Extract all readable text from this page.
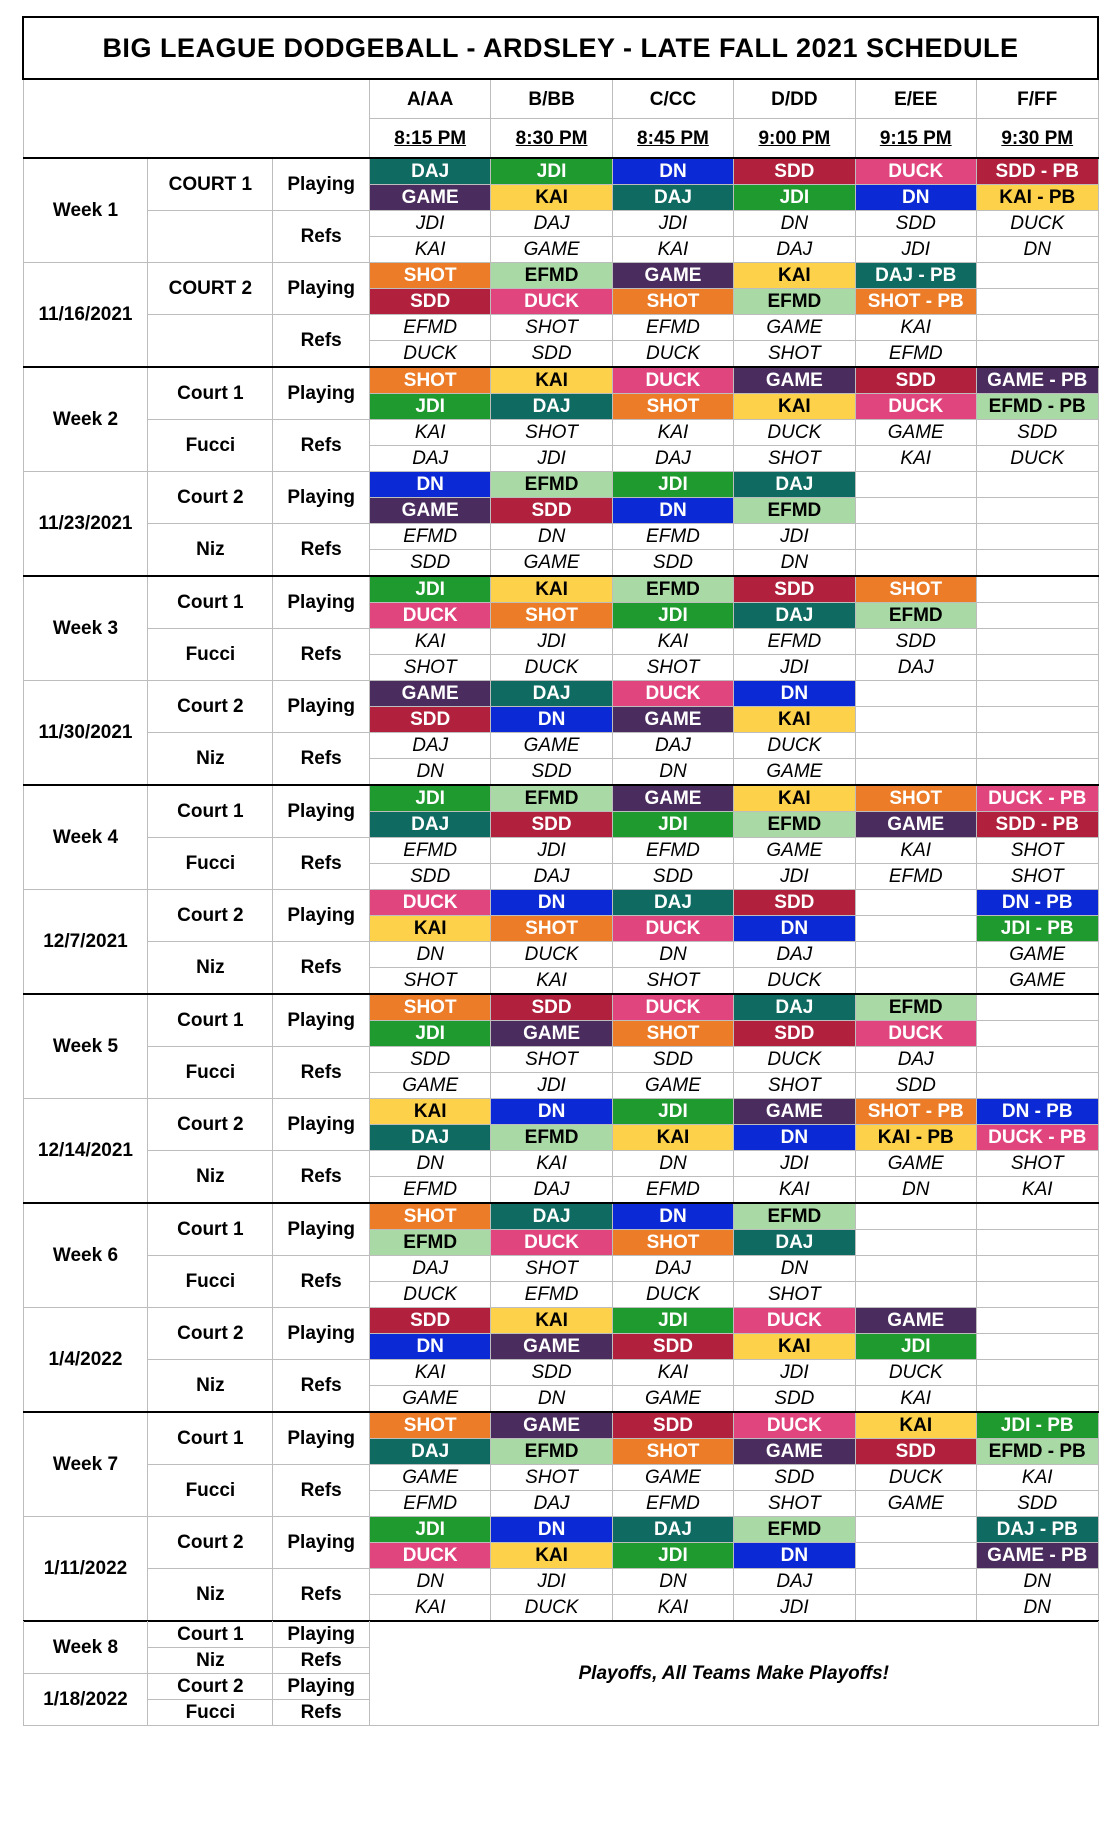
BIG LEAGUE DODGEBALL - ARDSLEY - LATE FALL 2021 SCHEDULE								
			A/AA	B/BB	C/CC	D/DD	E/EE	F/FF
			8:15 PM	8:30 PM	8:45 PM	9:00 PM	9:15 PM	9:30 PM
Week 1	COURT 1	Playing	DAJ	JDI	DN	SDD	DUCK	SDD - PB
			GAME	KAI	DAJ	JDI	DN	KAI - PB
		Refs	JDI	DAJ	JDI	DN	SDD	DUCK
			KAI	GAME	KAI	DAJ	JDI	DN
11/16/2021	COURT 2	Playing	SHOT	EFMD	GAME	KAI	DAJ - PB	
			SDD	DUCK	SHOT	EFMD	SHOT - PB	
		Refs	EFMD	SHOT	EFMD	GAME	KAI	
			DUCK	SDD	DUCK	SHOT	EFMD	
Week 2	Court 1	Playing	SHOT	KAI	DUCK	GAME	SDD	GAME - PB
			JDI	DAJ	SHOT	KAI	DUCK	EFMD - PB
	Fucci	Refs	KAI	SHOT	KAI	DUCK	GAME	SDD
			DAJ	JDI	DAJ	SHOT	KAI	DUCK
11/23/2021	Court 2	Playing	DN	EFMD	JDI	DAJ		
			GAME	SDD	DN	EFMD		
	Niz	Refs	EFMD	DN	EFMD	JDI		
			SDD	GAME	SDD	DN		
Week 3	Court 1	Playing	JDI	KAI	EFMD	SDD	SHOT	
			DUCK	SHOT	JDI	DAJ	EFMD	
	Fucci	Refs	KAI	JDI	KAI	EFMD	SDD	
			SHOT	DUCK	SHOT	JDI	DAJ	
11/30/2021	Court 2	Playing	GAME	DAJ	DUCK	DN		
			SDD	DN	GAME	KAI		
	Niz	Refs	DAJ	GAME	DAJ	DUCK		
			DN	SDD	DN	GAME		
Week 4	Court 1	Playing	JDI	EFMD	GAME	KAI	SHOT	DUCK - PB
			DAJ	SDD	JDI	EFMD	GAME	SDD - PB
	Fucci	Refs	EFMD	JDI	EFMD	GAME	KAI	SHOT
			SDD	DAJ	SDD	JDI	EFMD	SHOT
12/7/2021	Court 2	Playing	DUCK	DN	DAJ	SDD		DN - PB
			KAI	SHOT	DUCK	DN		JDI - PB
	Niz	Refs	DN	DUCK	DN	DAJ		GAME
			SHOT	KAI	SHOT	DUCK		GAME
Week 5	Court 1	Playing	SHOT	SDD	DUCK	DAJ	EFMD	
			JDI	GAME	SHOT	SDD	DUCK	
	Fucci	Refs	SDD	SHOT	SDD	DUCK	DAJ	
			GAME	JDI	GAME	SHOT	SDD	
12/14/2021	Court 2	Playing	KAI	DN	JDI	GAME	SHOT - PB	DN - PB
			DAJ	EFMD	KAI	DN	KAI - PB	DUCK - PB
	Niz	Refs	DN	KAI	DN	JDI	GAME	SHOT
			EFMD	DAJ	EFMD	KAI	DN	KAI
Week 6	Court 1	Playing	SHOT	DAJ	DN	EFMD		
			EFMD	DUCK	SHOT	DAJ		
	Fucci	Refs	DAJ	SHOT	DAJ	DN		
			DUCK	EFMD	DUCK	SHOT		
1/4/2022	Court 2	Playing	SDD	KAI	JDI	DUCK	GAME	
			DN	GAME	SDD	KAI	JDI	
	Niz	Refs	KAI	SDD	KAI	JDI	DUCK	
			GAME	DN	GAME	SDD	KAI	
Week 7	Court 1	Playing	SHOT	GAME	SDD	DUCK	KAI	JDI - PB
			DAJ	EFMD	SHOT	GAME	SDD	EFMD - PB
	Fucci	Refs	GAME	SHOT	GAME	SDD	DUCK	KAI
			EFMD	DAJ	EFMD	SHOT	GAME	SDD
1/11/2022	Court 2	Playing	JDI	DN	DAJ	EFMD		DAJ - PB
			DUCK	KAI	JDI	DN		GAME - PB
	Niz	Refs	DN	JDI	DN	DAJ		DN
			KAI	DUCK	KAI	JDI		DN
Week 8	Court 1	Playing	Playoffs, All Teams Make Playoffs!					

	Niz	Refs						

1/18/2022	Court 2	Playing						

	Fucci	Refs						
